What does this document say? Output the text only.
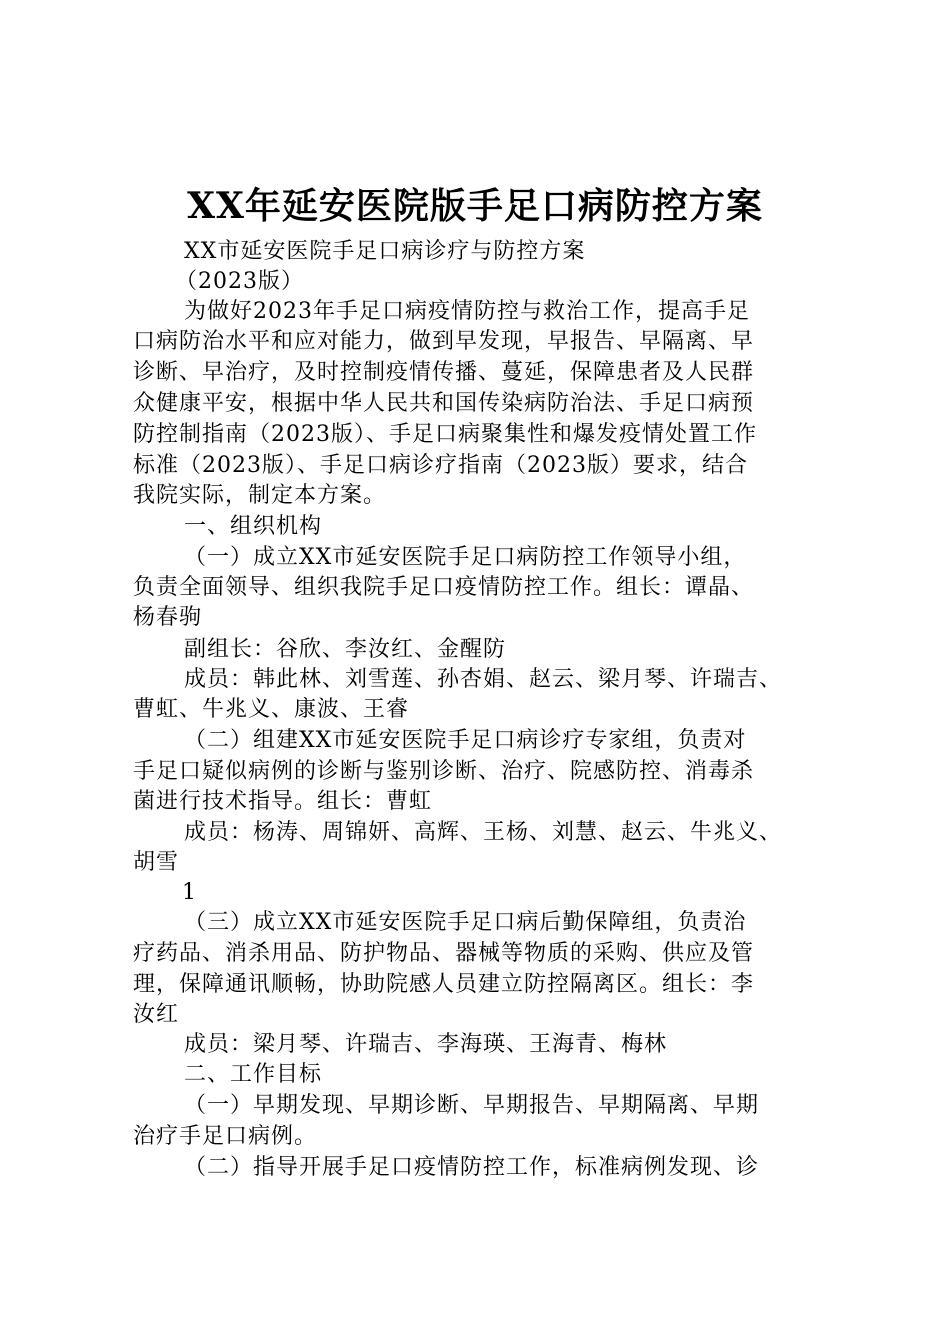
XX年延安医院版手足口病防控方案
XX市延安医院手足口病诊疗与防控方案
（2023版）
为做好2023年手足口病疫情防控与救治工作，提高手足
口病防治水平和应对能力，做到早发现，早报告、早隔离、早
诊断、早治疗，及时控制疫情传播、蔓延，保障患者及人民群
众健康平安，根据中华人民共和国传染病防治法、手足口病预
防控制指南（2023版）、手足口病聚集性和爆发疫情处置工作
标准（2023版）、手足口病诊疗指南（2023版）要求，结合
我院实际，制定本方案。
一、组织机构
（一）成立XX市延安医院手足口病防控工作领导小组，
负责全面领导、组织我院手足口疫情防控工作。组长：谭晶、
杨春驹
副组长：谷欣、李汝红、金醒防
成员：韩此林、刘雪莲、孙杏娟、赵云、梁月琴、许瑞吉、
曹虹、牛兆义、康波、王睿
（二）组建XX市延安医院手足口病诊疗专家组，负责对
手足口疑似病例的诊断与鉴别诊断、治疗、院感防控、消毒杀
菌进行技术指导。组长：曹虹
成员：杨涛、周锦妍、高辉、王杨、刘慧、赵云、牛兆义、
胡雪
1
（三）成立XX市延安医院手足口病后勤保障组，负责治
疗药品、消杀用品、防护物品、器械等物质的采购、供应及管
理，保障通讯顺畅，协助院感人员建立防控隔离区。组长：李
汝红
成员：梁月琴、许瑞吉、李海瑛、王海青、梅林
二、工作目标
（一）早期发现、早期诊断、早期报告、早期隔离、早期
治疗手足口病例。
（二）指导开展手足口疫情防控工作，标准病例发现、诊
